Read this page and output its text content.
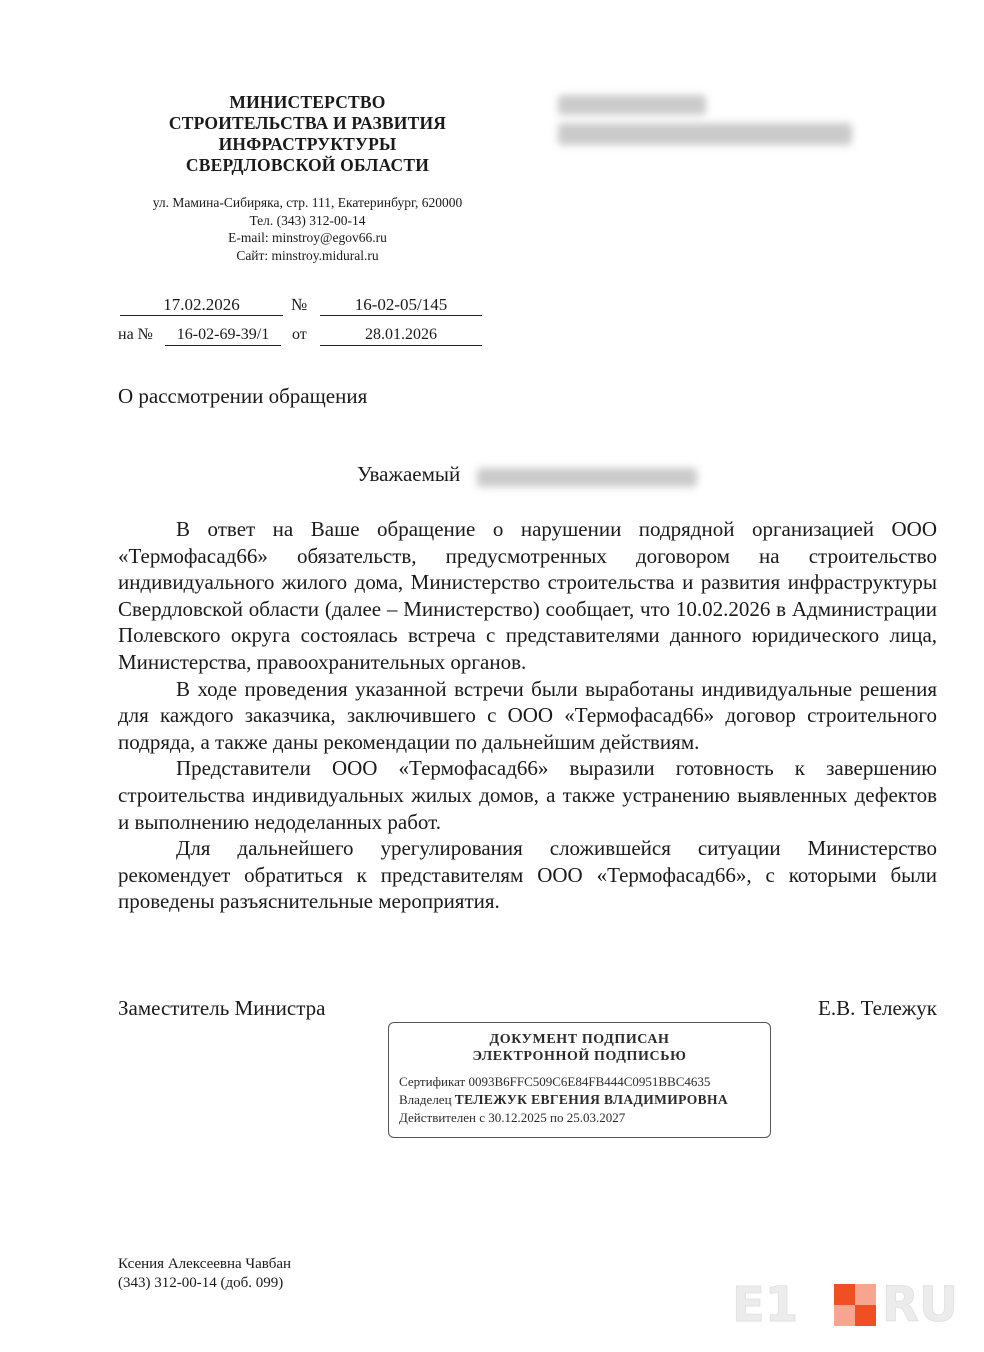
МИНИСТЕРСТВО
СТРОИТЕЛЬСТВА И РАЗВИТИЯ
ИНФРАСТРУКТУРЫ
СВЕРДЛОВСКОЙ ОБЛАСТИ
ул. Мамина-Сибиряка, стр. 111, Екатеринбург, 620000
Тел. (343) 312-00-14
E-mail: minstroy@egov66.ru
Сайт: minstroy.midural.ru
17.02.2026	№	16-02-05/145
на №	16-02-69-39/1	от	28.01.2026
О рассмотрении обращения
Уважаемый

В ответ на Ваше обращение о нарушении подрядной организацией ООО «Термофасад66» обязательств, предусмотренных договором на строительство индивидуального жилого дома, Министерство строительства и развития инфраструктуры Свердловской области (далее – Министерство) сообщает, что 10.02.2026 в Администрации Полевского округа состоялась встреча с представителями данного юридического лица, Министерства, правоохранительных органов.

В ходе проведения указанной встречи были выработаны индивидуальные решения для каждого заказчика, заключившего с ООО «Термофасад66» договор строительного подряда, а также даны рекомендации по дальнейшим действиям.

Представители ООО «Термофасад66» выразили готовность к завершению строительства индивидуальных жилых домов, а также устранению выявленных дефектов и выполнению недоделанных работ.

Для дальнейшего урегулирования сложившейся ситуации Министерство рекомендует обратиться к представителям ООО «Термофасад66», с которыми были проведены разъяснительные мероприятия.

Заместитель Министра	Е.В. Тележук
ДОКУМЕНТ ПОДПИСАН
ЭЛЕКТРОННОЙ ПОДПИСЬЮ
Сертификат 0093B6FFC509C6E84FB444C0951BBC4635
Владелец ТЕЛЕЖУК ЕВГЕНИЯ ВЛАДИМИРОВНА
Действителен с 30.12.2025 по 25.03.2027
Ксения Алексеевна Чавбан
(343) 312-00-14 (доб. 099)	E1 RU
